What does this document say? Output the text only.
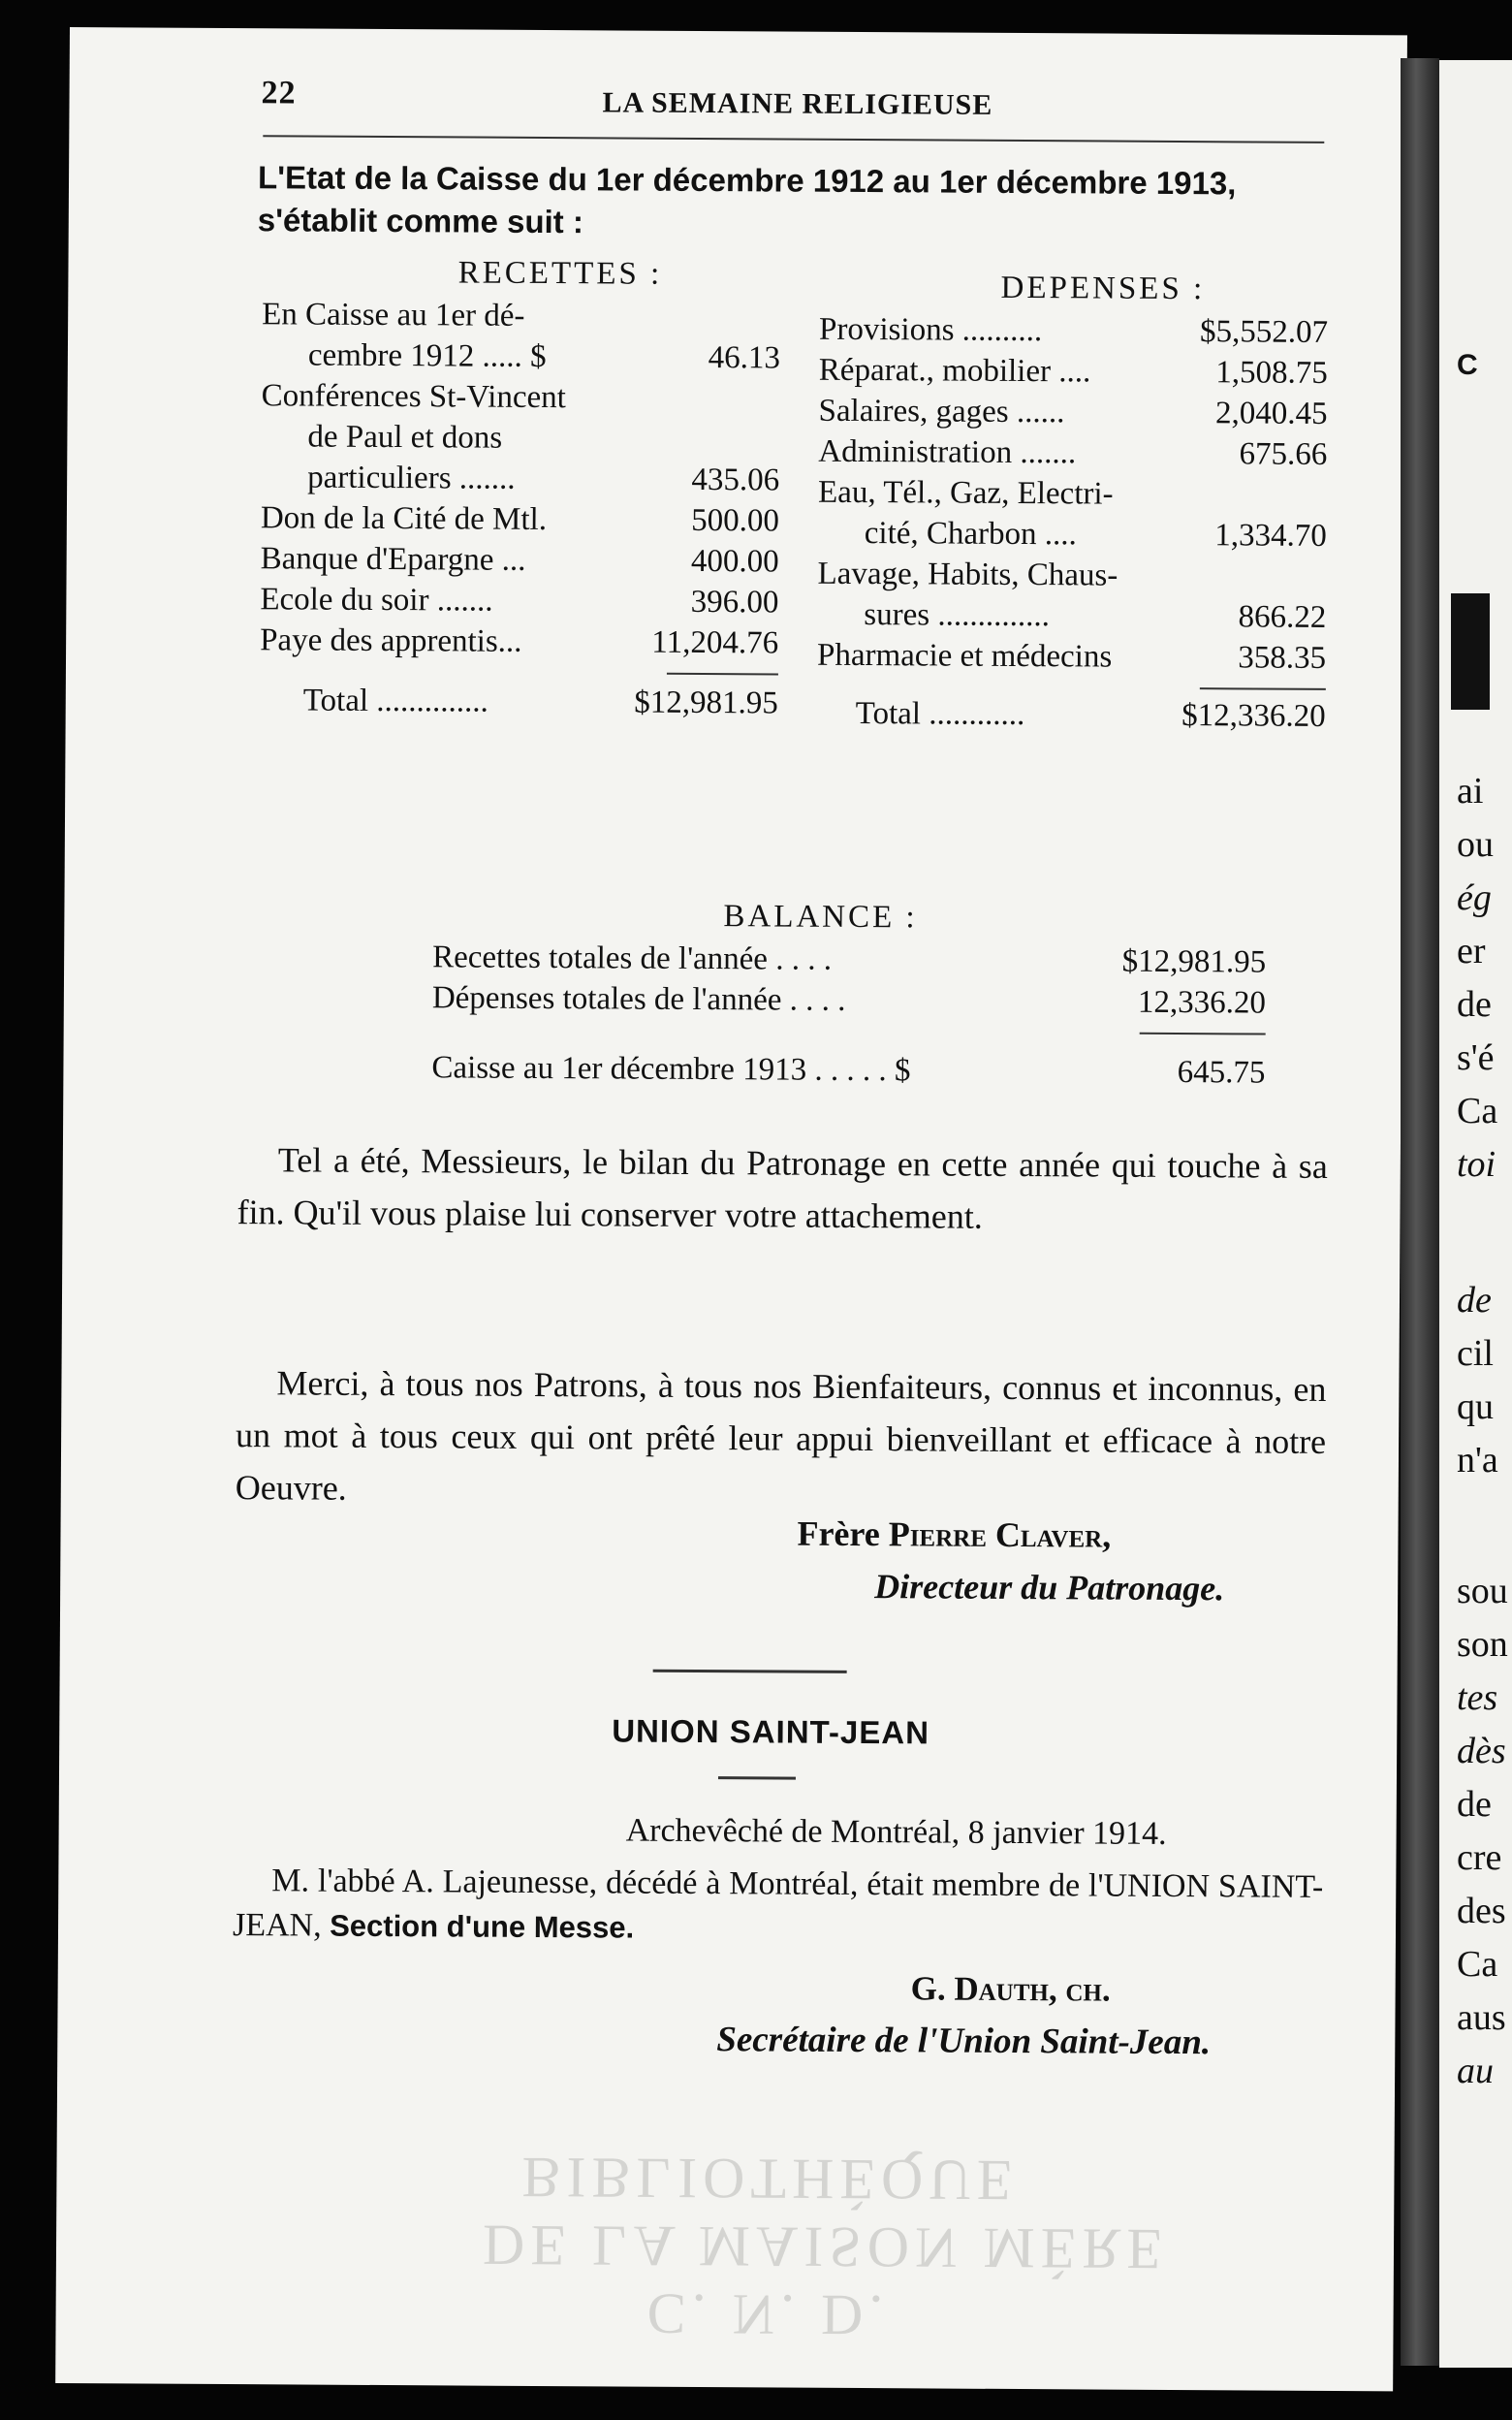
22	LA SEMAINE RELIGIEUSE
L'Etat de la Caisse du 1er décembre 1912 au 1er décembre 1913, s'établit comme suit :
RECETTES :
En Caisse au 1er dé-
cembre 1912 ..... $	46.13
Conférences St-Vincent
de Paul et dons
particuliers .......	435.06
Don de la Cité de Mtl.	500.00
Banque d'Epargne ...	400.00
Ecole du soir .......	396.00
Paye des apprentis...	11,204.76
Total ..............	$12,981.95
DEPENSES :
Provisions ..........	$5,552.07
Réparat., mobilier ....	1,508.75
Salaires, gages ......	2,040.45
Administration .......	675.66
Eau, Tél., Gaz, Electri-
cité, Charbon ....	1,334.70
Lavage, Habits, Chaus-
sures ..............	866.22
Pharmacie et médecins	358.35
Total ............	$12,336.20
BALANCE :
Recettes totales de l'année . . . .	$12,981.95
Dépenses totales de l'année . . . .	12,336.20
Caisse au 1er décembre 1913 . . . . . $	645.75
Tel a été, Messieurs, le bilan du Patronage en cette année qui touche à sa fin. Qu'il vous plaise lui conserver votre attachement.
Merci, à tous nos Patrons, à tous nos Bienfaiteurs, connus et inconnus, en un mot à tous ceux qui ont prêté leur appui bienveillant et efficace à notre Oeuvre.
Frère Pierre Claver,
Directeur du Patronage.
UNION SAINT-JEAN
Archevêché de Montréal, 8 janvier 1914.
M. l'abbé A. Lajeunesse, décédé à Montréal, était membre de l'UNION SAINT-JEAN, Section d'une Messe.
G. Dauth, ch.
Secrétaire de l'Union Saint-Jean.
BIBLIOTHÈQUE
DE LA MAISON MÈRE
C. N. D.
C
ai
ou
ég
er
de
s'é
Ca
toi
de
cil
qu
n'a
sou
son
tes
dès
de
cre
des
Ca
aus
au
